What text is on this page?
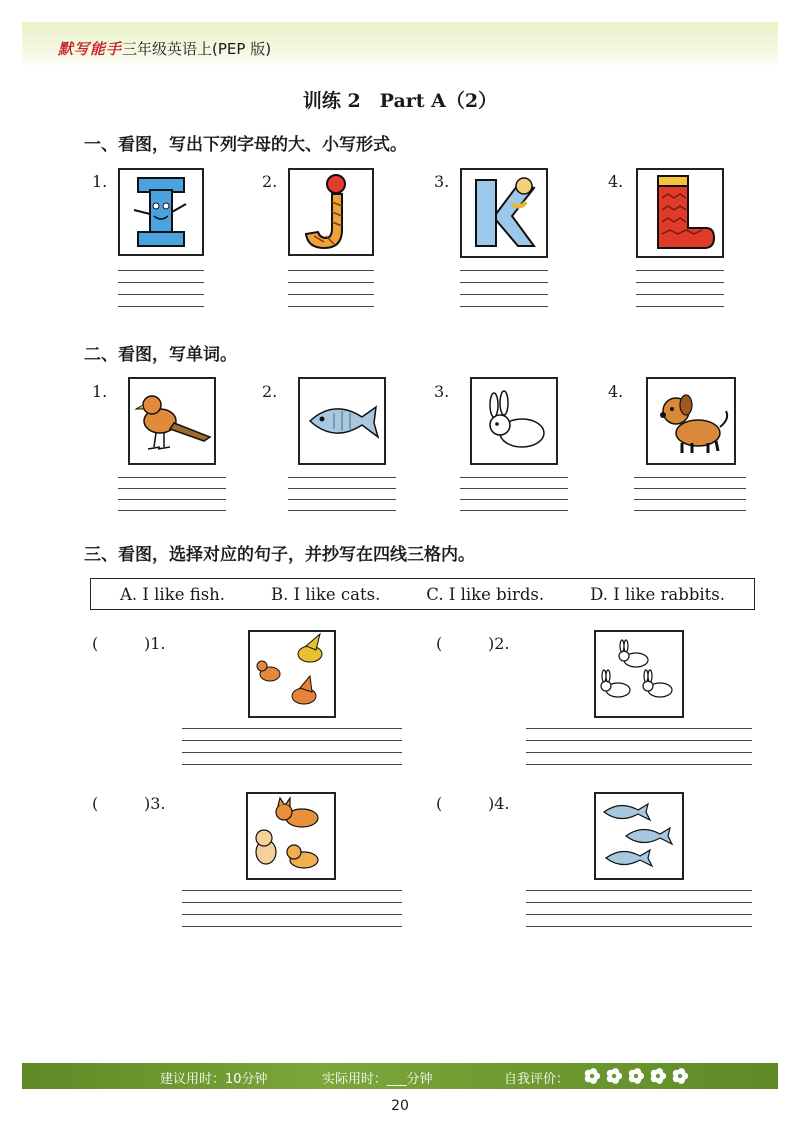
默写能手三年级英语上(PEP 版)
训练 2　Part A（2）
一、看图，写出下列字母的大、小写形式。
1.	2.	3.	4.
二、看图，写单词。
1.	2.	3.	4.
三、看图，选择对应的句子，并抄写在四线三格内。
A. I like fish.	B. I like cats.	C. I like birds.	D. I like rabbits.
(	)1.	(	)2.
(	)3.	(	)4.
建议用时：10分钟	实际用时：___分钟	自我评价：
20
